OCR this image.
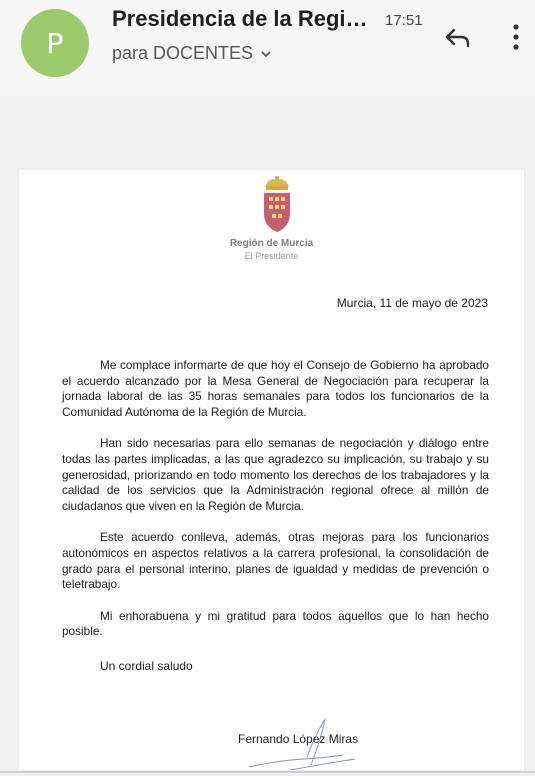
P
Presidencia de la Regió...	17:51
para DOCENTES
Región de Murcia
El Presidente
Murcia, 11 de mayo de 2023

Me complace informarte de que hoy el Consejo de Gobierno ha aprobado el acuerdo alcanzado por la Mesa General de Negociación para recuperar la jornada laboral de las 35 horas semanales para todos los funcionarios de la Comunidad Autónoma de la Región de Murcia.

Han sido necesarias para ello semanas de negociación y diálogo entre todas las partes implicadas, a las que agradezco su implicación, su trabajo y su generosidad, priorizando en todo momento los derechos de los trabajadores y la calidad de los servicios que la Administración regional ofrece al millón de ciudadanos que viven en la Región de Murcia.

Este acuerdo conlleva, además, otras mejoras para los funcionarios autonómicos en aspectos relativos a la carrera profesional, la consolidación de grado para el personal interino, planes de igualdad y medidas de prevención o teletrabajo.

Mi enhorabuena y mi gratitud para todos aquellos que lo han hecho posible.

Un cordial saludo
Fernando López Miras
